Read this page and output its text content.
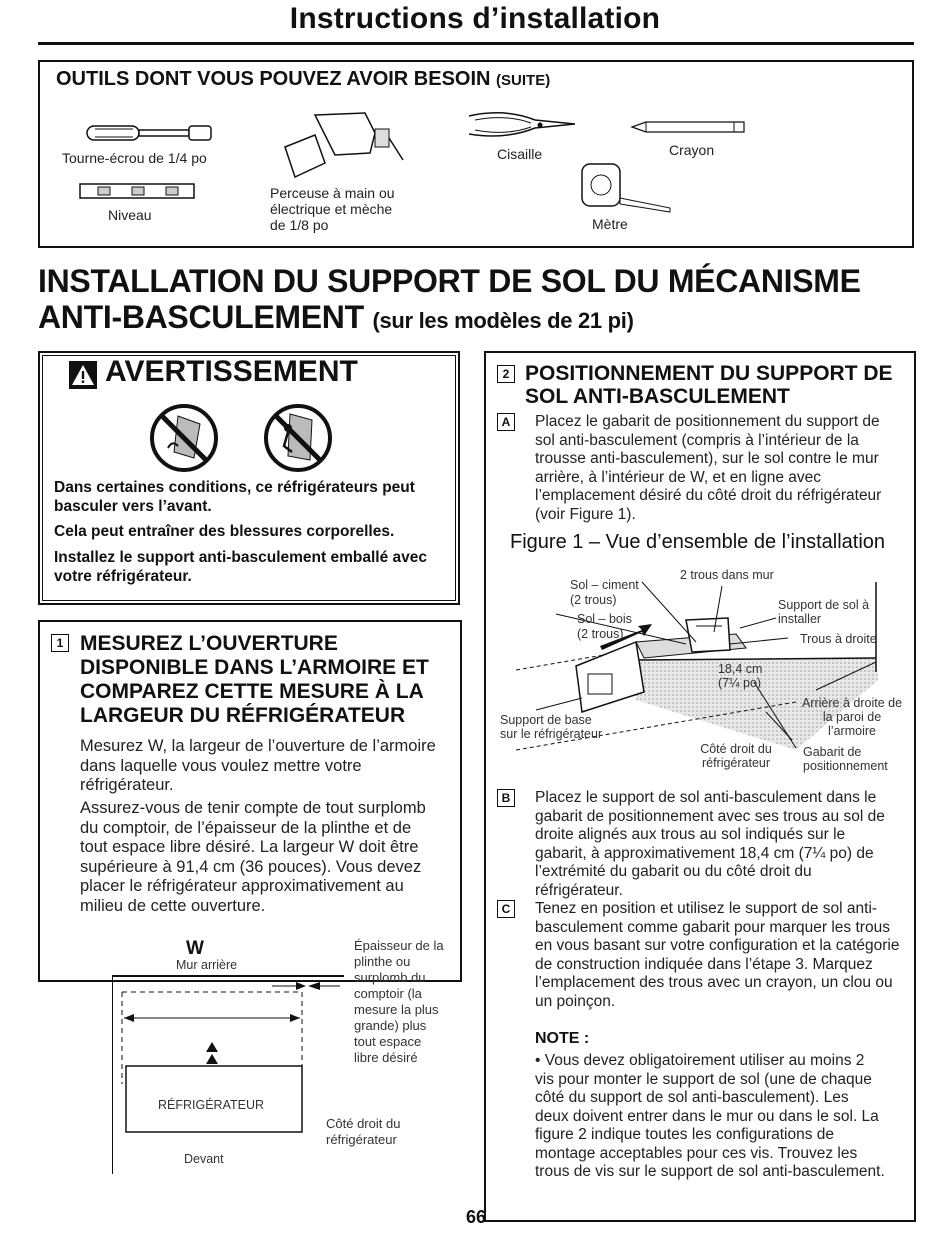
Instructions d’installation
OUTILS DONT VOUS POUVEZ AVOIR BESOIN (SUITE)
Tourne-écrou de 1/4 po
Perceuse à main ou
électrique et mèche
de 1/8 po
Cisaille	Crayon
Niveau
Mètre
INSTALLATION DU SUPPORT DE SOL DU MÉCANISME
ANTI-BASCULEMENT (sur les modèles de 21 pi)
AVERTISSEMENT
Dans certaines conditions, ce réfrigérateurs peut basculer vers l’avant.
Cela peut entraîner des blessures corporelles.
Installez le support anti-basculement emballé avec votre réfrigérateur.
1 MESUREZ L’OUVERTURE DISPONIBLE DANS L’ARMOIRE ET COMPAREZ CETTE MESURE À LA LARGEUR DU RÉFRIGÉRATEUR
Mesurez W, la largeur de l’ouverture de l’armoire dans laquelle vous voulez mettre votre réfrigérateur.
Assurez-vous de tenir compte de tout surplomb du comptoir, de l’épaisseur de la plinthe et de tout espace libre désiré. La largeur W doit être supérieure à 91,4 cm (36 pouces). Vous devez placer le réfrigérateur approximativement au milieu de cette ouverture.
Mur arrière
W
RÉFRIGÉRATEUR
Devant
Épaisseur de la plinthe ou surplomb du comptoir (la mesure la plus grande) plus tout espace libre désiré
Côté droit du réfrigérateur
2 POSITIONNEMENT DU SUPPORT DE SOL ANTI-BASCULEMENT
A	Placez le gabarit de positionnement du support de sol anti-basculement (compris à l’intérieur de la trousse anti-basculement), sur le sol contre le mur arrière, à l’intérieur de W, et en ligne avec l’emplacement désiré du côté droit du réfrigérateur (voir Figure 1).
Figure 1 – Vue d’ensemble de l’installation
2 trous dans mur
Sol – ciment
(2 trous)
Sol – bois
(2 trous)
Support de sol à installer
Trous à droite
18,4 cm
(7¼ po)
Support de base sur le réfrigérateur
Côté droit du réfrigérateur
Gabarit de positionnement
Arrière à droite de la paroi de l’armoire
B	Placez le support de sol anti-basculement dans le gabarit de positionnement avec ses trous au sol de droite alignés aux trous au sol indiqués sur le gabarit, à approximativement 18,4 cm (7¼ po) de l’extrémité du gabarit ou du côté droit du réfrigérateur.
C	Tenez en position et utilisez le support de sol anti-basculement comme gabarit pour marquer les trous en vous basant sur votre configuration et la catégorie de construction indiquée dans l’étape 3. Marquez l’emplacement des trous avec un crayon, un clou ou un poinçon.
NOTE :
• Vous devez obligatoirement utiliser au moins 2 vis pour monter le support de sol (une de chaque côté du support de sol anti-basculement). Les deux doivent entrer dans le mur ou dans le sol. La figure 2 indique toutes les configurations de montage acceptables pour ces vis. Trouvez les trous de vis sur le support de sol anti-basculement.
66
